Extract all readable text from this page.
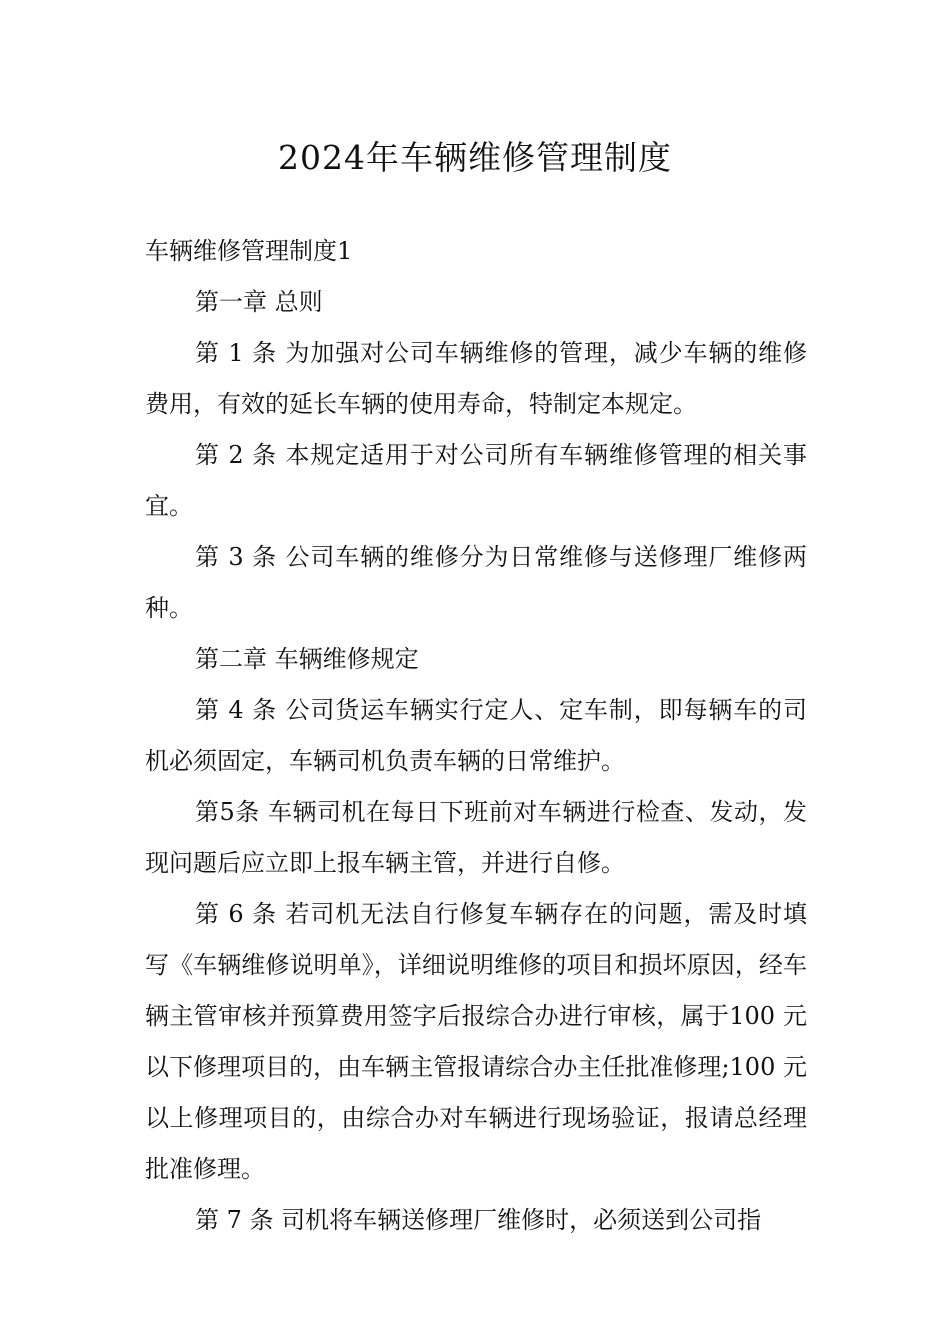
2024年车辆维修管理制度

车辆维修管理制度1

第一章 总则

第 1 条 为加强对公司车辆维修的管理，减少车辆的维修费用，有效的延长车辆的使用寿命，特制定本规定。

第 2 条 本规定适用于对公司所有车辆维修管理的相关事宜。

第 3 条 公司车辆的维修分为日常维修与送修理厂维修两种。

第二章 车辆维修规定

第 4 条 公司货运车辆实行定人、定车制，即每辆车的司机必须固定，车辆司机负责车辆的日常维护。

第5条 车辆司机在每日下班前对车辆进行检查、发动，发现问题后应立即上报车辆主管，并进行自修。

第 6 条 若司机无法自行修复车辆存在的问题，需及时填写《车辆维修说明单》，详细说明维修的项目和损坏原因，经车辆主管审核并预算费用签字后报综合办进行审核，属于100 元以下修理项目的，由车辆主管报请综合办主任批准修理;100 元以上修理项目的，由综合办对车辆进行现场验证，报请总经理批准修理。

第 7 条 司机将车辆送修理厂维修时，必须送到公司指
